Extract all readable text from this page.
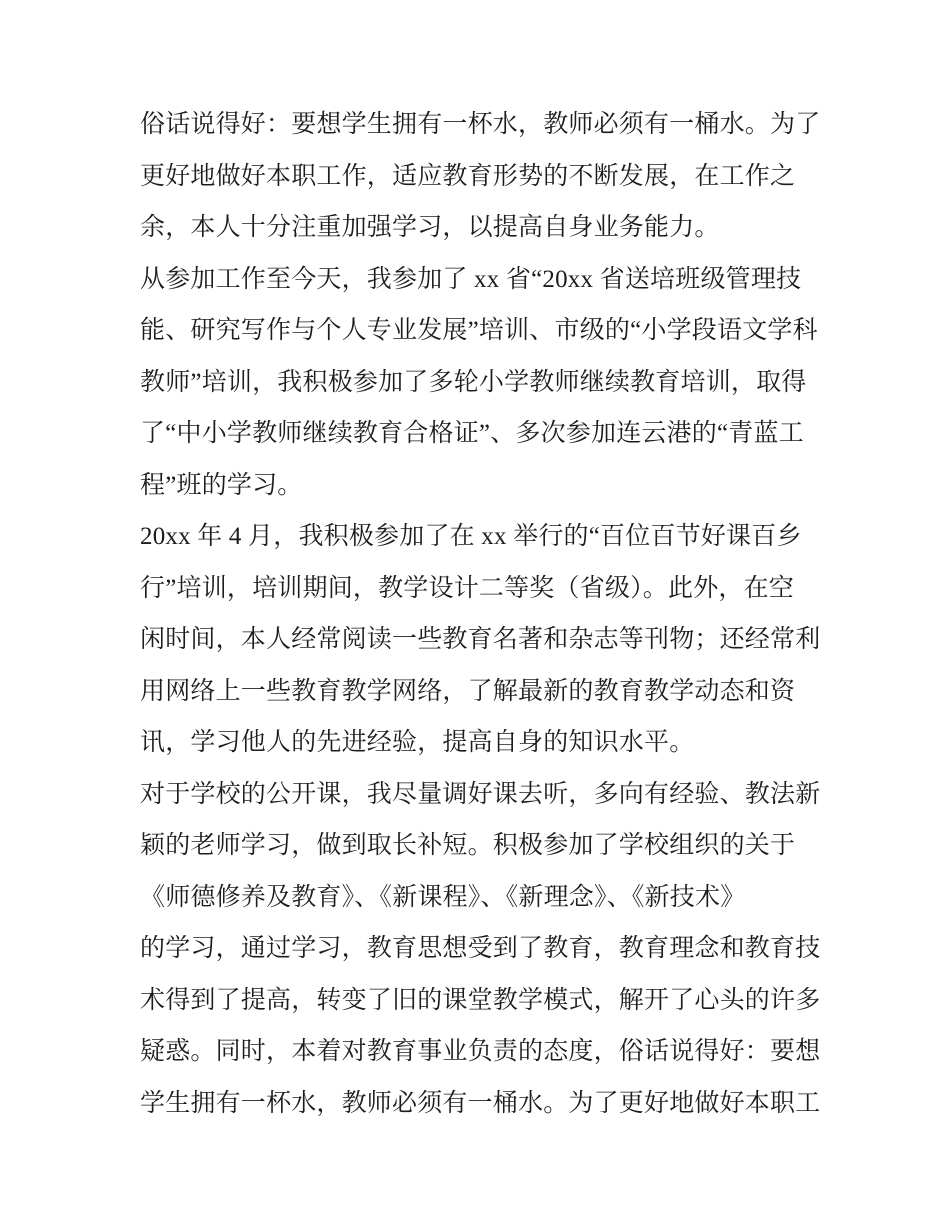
俗话说得好：要想学生拥有一杯水，教师必须有一桶水。为了
更好地做好本职工作，适应教育形势的不断发展，在工作之
余，本人十分注重加强学习，以提高自身业务能力。
从参加工作至今天，我参加了 xx 省“20xx 省送培班级管理技
能、研究写作与个人专业发展”培训、市级的“小学段语文学科
教师”培训，我积极参加了多轮小学教师继续教育培训，取得
了“中小学教师继续教育合格证”、多次参加连云港的“青蓝工
程”班的学习。
20xx 年 4 月，我积极参加了在 xx 举行的“百位百节好课百乡
行”培训，培训期间，教学设计二等奖（省级）。此外，在空
闲时间，本人经常阅读一些教育名著和杂志等刊物；还经常利
用网络上一些教育教学网络，了解最新的教育教学动态和资
讯，学习他人的先进经验，提高自身的知识水平。
对于学校的公开课，我尽量调好课去听，多向有经验、教法新
颖的老师学习，做到取长补短。积极参加了学校组织的关于
《师德修养及教育》、《新课程》、《新理念》、《新技术》
的学习，通过学习，教育思想受到了教育，教育理念和教育技
术得到了提高，转变了旧的课堂教学模式，解开了心头的许多
疑惑。同时，本着对教育事业负责的态度，俗话说得好：要想
学生拥有一杯水，教师必须有一桶水。为了更好地做好本职工
